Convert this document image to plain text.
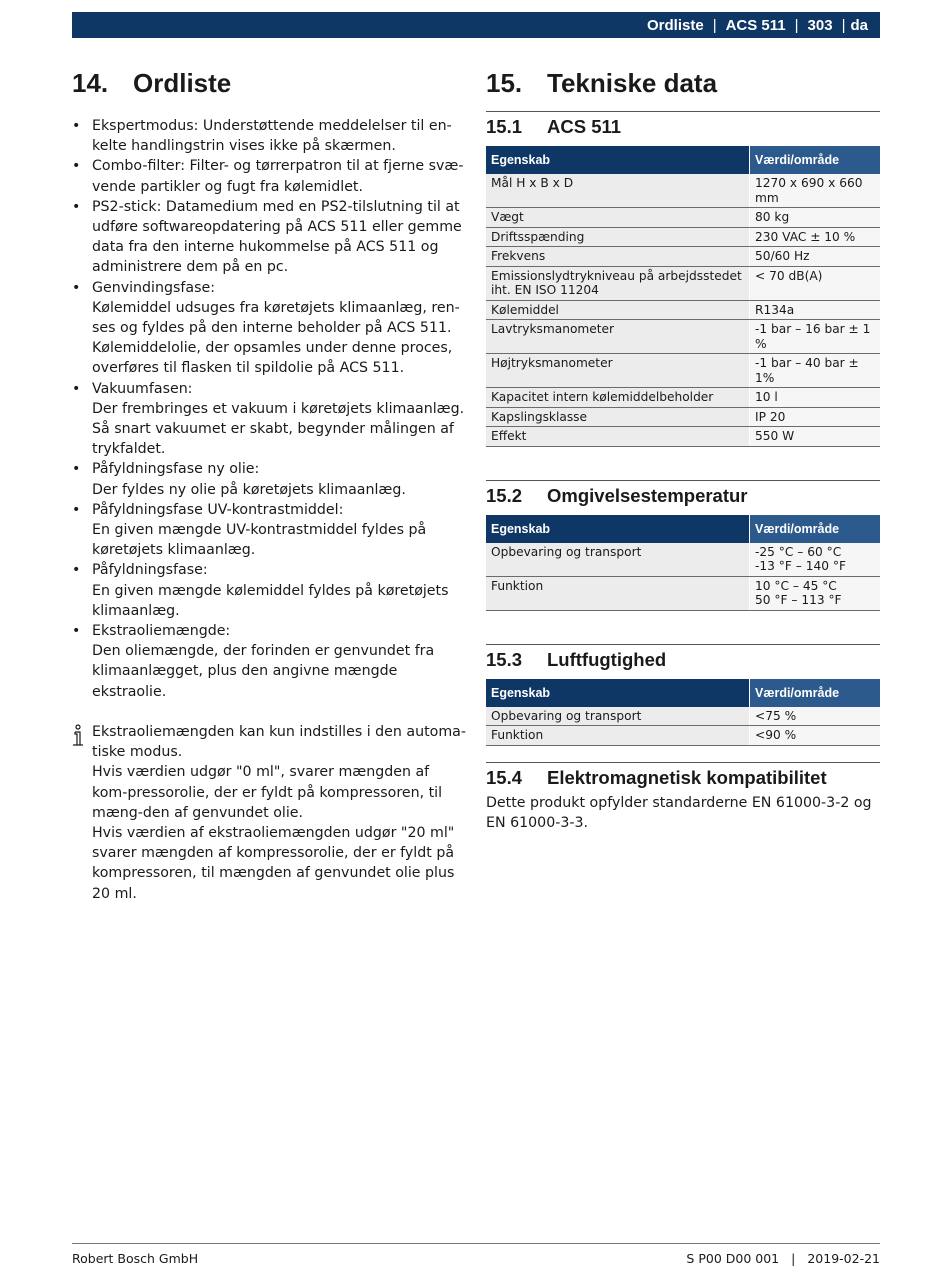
Ordliste | ACS 511 | 303 | da
14. Ordliste
• Ekspertmodus: Understøttende meddelelser til en-kelte handlingstrin vises ikke på skærmen.
• Combo-filter: Filter- og tørrerpatron til at fjerne svæ-vende partikler og fugt fra kølemidlet.
• PS2-stick: Datamedium med en PS2-tilslutning til at udføre softwareopdatering på ACS 511 eller gemme data fra den interne hukommelse på ACS 511 og administrere dem på en pc.
• Genvindingsfase:
Kølemiddel udsuges fra køretøjets klimaanlæg, ren-ses og fyldes på den interne beholder på ACS 511. Kølemiddelolie, der opsamles under denne proces, overføres til flasken til spildolie på ACS 511.
• Vakuumfasen:
Der frembringes et vakuum i køretøjets klimaanlæg. Så snart vakuumet er skabt, begynder målingen af trykfaldet.
• Påfyldningsfase ny olie:
Der fyldes ny olie på køretøjets klimaanlæg.
• Påfyldningsfase UV-kontrastmiddel:
En given mængde UV-kontrastmiddel fyldes på køretøjets klimaanlæg.
• Påfyldningsfase:
En given mængde kølemiddel fyldes på køretøjets klimaanlæg.
• Ekstraoliemængde:
Den oliemængde, der forinden er genvundet fra klimaanlægget, plus den angivne mængde ekstraolie.

Ekstraoliemængden kan kun indstilles i den automa-tiske modus.

Hvis værdien udgør "0 ml", svarer mængden af kom-pressorolie, der er fyldt på kompressoren, til mæng-den af genvundet olie.

Hvis værdien af ekstraoliemængden udgør "20 ml" svarer mængden af kompressorolie, der er fyldt på kompressoren, til mængden af genvundet olie plus 20 ml.

15. Tekniske data
15.1	ACS 511
Egenskab	Værdi/område
Mål H x B x D	1270 x 690 x 660 mm
Vægt	80 kg
Driftsspænding	230 VAC ± 10 %
Frekvens	50/60 Hz
Emissionslydtrykniveau på arbejdsstedet iht. EN ISO 11204	< 70 dB(A)
Kølemiddel	R134a
Lavtryksmanometer	-1 bar – 16 bar ± 1 %
Højtryksmanometer	-1 bar – 40 bar ± 1%
Kapacitet intern kølemiddelbeholder	10 l
Kapslingsklasse	IP 20
Effekt	550 W
15.2	Omgivelsestemperatur
Egenskab	Værdi/område
Opbevaring og transport	-25 °C – 60 °C
-13 °F – 140 °F
Funktion	10 °C – 45 °C
50 °F – 113 °F
15.3	Luftfugtighed
Egenskab	Værdi/område
Opbevaring og transport	<75 %
Funktion	<90 %
15.4	Elektromagnetisk kompatibilitet

Dette produkt opfylder standarderne EN 61000-3-2 og EN 61000-3-3.

Robert Bosch GmbH	S P00 D00 001 | 2019-02-21
